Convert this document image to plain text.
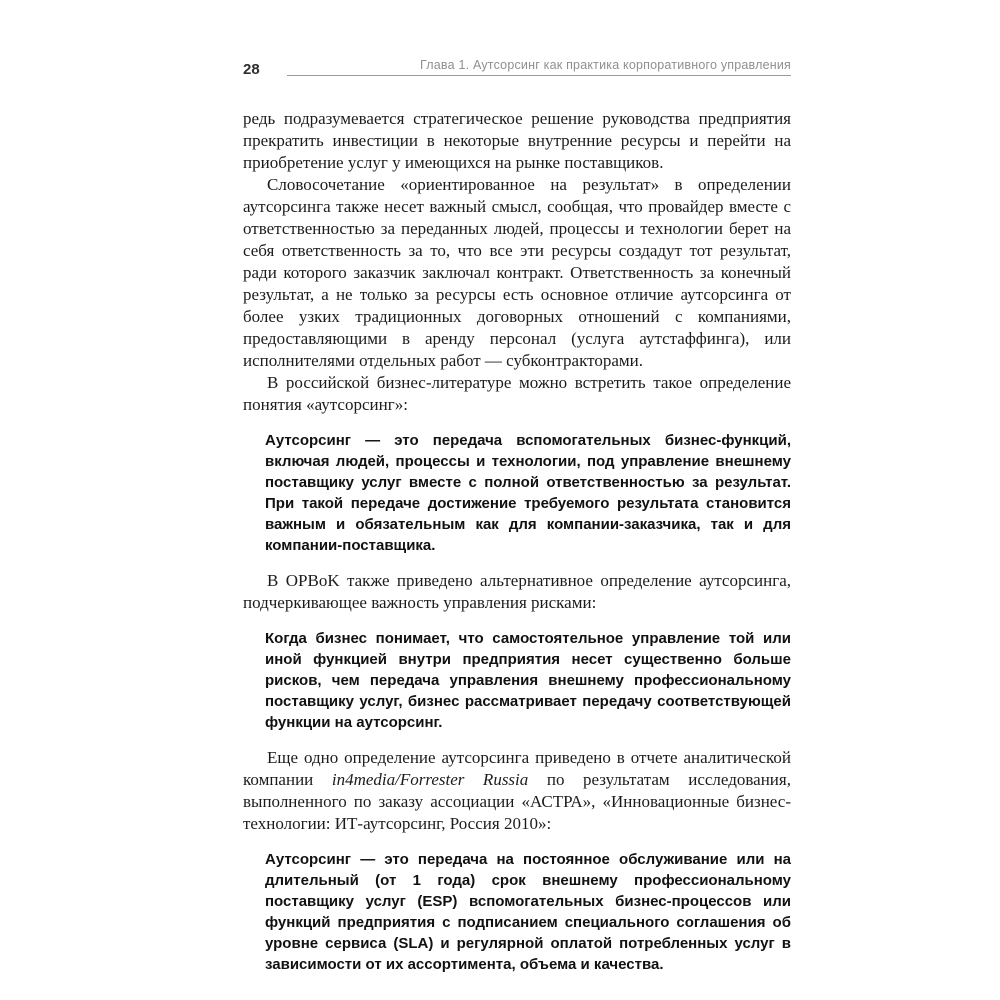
28	Глава 1. Аутсорсинг как практика корпоративного управления

редь подразумевается стратегическое решение руководства предприятия прекратить инвестиции в некоторые внутренние ресурсы и перейти на приобретение услуг у имеющихся на рынке поставщиков.

Словосочетание «ориентированное на результат» в определении аутсорсинга также несет важный смысл, сообщая, что провайдер вместе с ответственностью за переданных людей, процессы и технологии берет на себя ответственность за то, что все эти ресурсы создадут тот результат, ради которого заказчик заключал контракт. Ответственность за конечный результат, а не только за ресурсы есть основное отличие аутсорсинга от более узких традиционных договорных отношений с компаниями, предоставляющими в аренду персонал (услуга аутстаффинга), или исполнителями отдельных работ — субконтракторами.

В российской бизнес-литературе можно встретить такое определение понятия «аутсорсинг»:

Аутсорсинг — это передача вспомогательных бизнес-функций, включая людей, процессы и технологии, под управление внешнему поставщику услуг вместе с полной ответственностью за результат. При такой передаче достижение требуемого результата становится важным и обязательным как для компании-заказчика, так и для компании-поставщика.

В OPBoK также приведено альтернативное определение аутсорсинга, подчеркивающее важность управления рисками:

Когда бизнес понимает, что самостоятельное управление той или иной функцией внутри предприятия несет существенно больше рисков, чем передача управления внешнему профессиональному поставщику услуг, бизнес рассматривает передачу соответствующей функции на аутсорсинг.

Еще одно определение аутсорсинга приведено в отчете аналитической компании in4media/Forrester Russia по результатам исследования, выполненного по заказу ассоциации «АСТРА», «Инновационные бизнес-технологии: ИТ-аутсорсинг, Россия 2010»:

Аутсорсинг — это передача на постоянное обслуживание или на длительный (от 1 года) срок внешнему профессиональному поставщику услуг (ESP) вспомогательных бизнес-процессов или функций предприятия с подписанием специального соглашения об уровне сервиса (SLA) и регулярной оплатой потребленных услуг в зависимости от их ассортимента, объема и качества.
